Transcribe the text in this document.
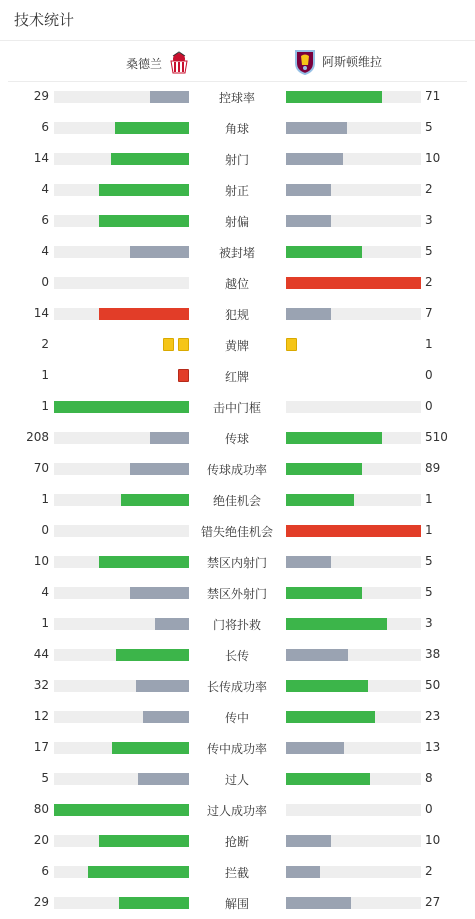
技术统计
桑德兰	阿斯顿维拉
29	控球率	71
6	角球	5
14	射门	10
4	射正	2
6	射偏	3
4	被封堵	5
0	越位	2
14	犯规	7
2	黄牌	1
1	红牌	0
1	击中门框	0
208	传球	510
70	传球成功率	89
1	绝佳机会	1
0	错失绝佳机会	1
10	禁区内射门	5
4	禁区外射门	5
1	门将扑救	3
44	长传	38
32	长传成功率	50
12	传中	23
17	传中成功率	13
5	过人	8
80	过人成功率	0
20	抢断	10
6	拦截	2
29	解围	27
